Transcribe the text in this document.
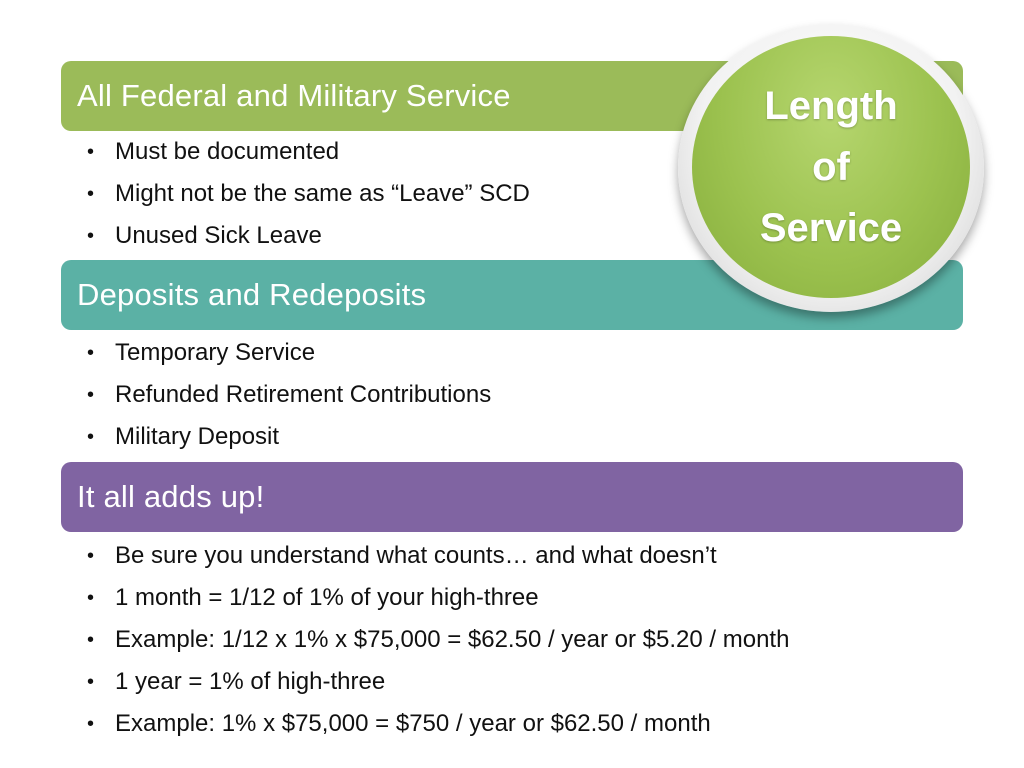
All Federal and Military Service
• Must be documented
• Might not be the same as “Leave” SCD
• Unused Sick Leave
Deposits and Redeposits
• Temporary Service
• Refunded Retirement Contributions
• Military Deposit
It all adds up!
• Be sure you understand what counts… and what doesn’t
• 1 month = 1/12 of 1% of your high-three
• Example: 1/12 x 1% x $75,000 = $62.50 / year or $5.20 / month
• 1 year = 1% of high-three
• Example: 1% x $75,000 = $750 / year or $62.50 / month
Length
of
Service
